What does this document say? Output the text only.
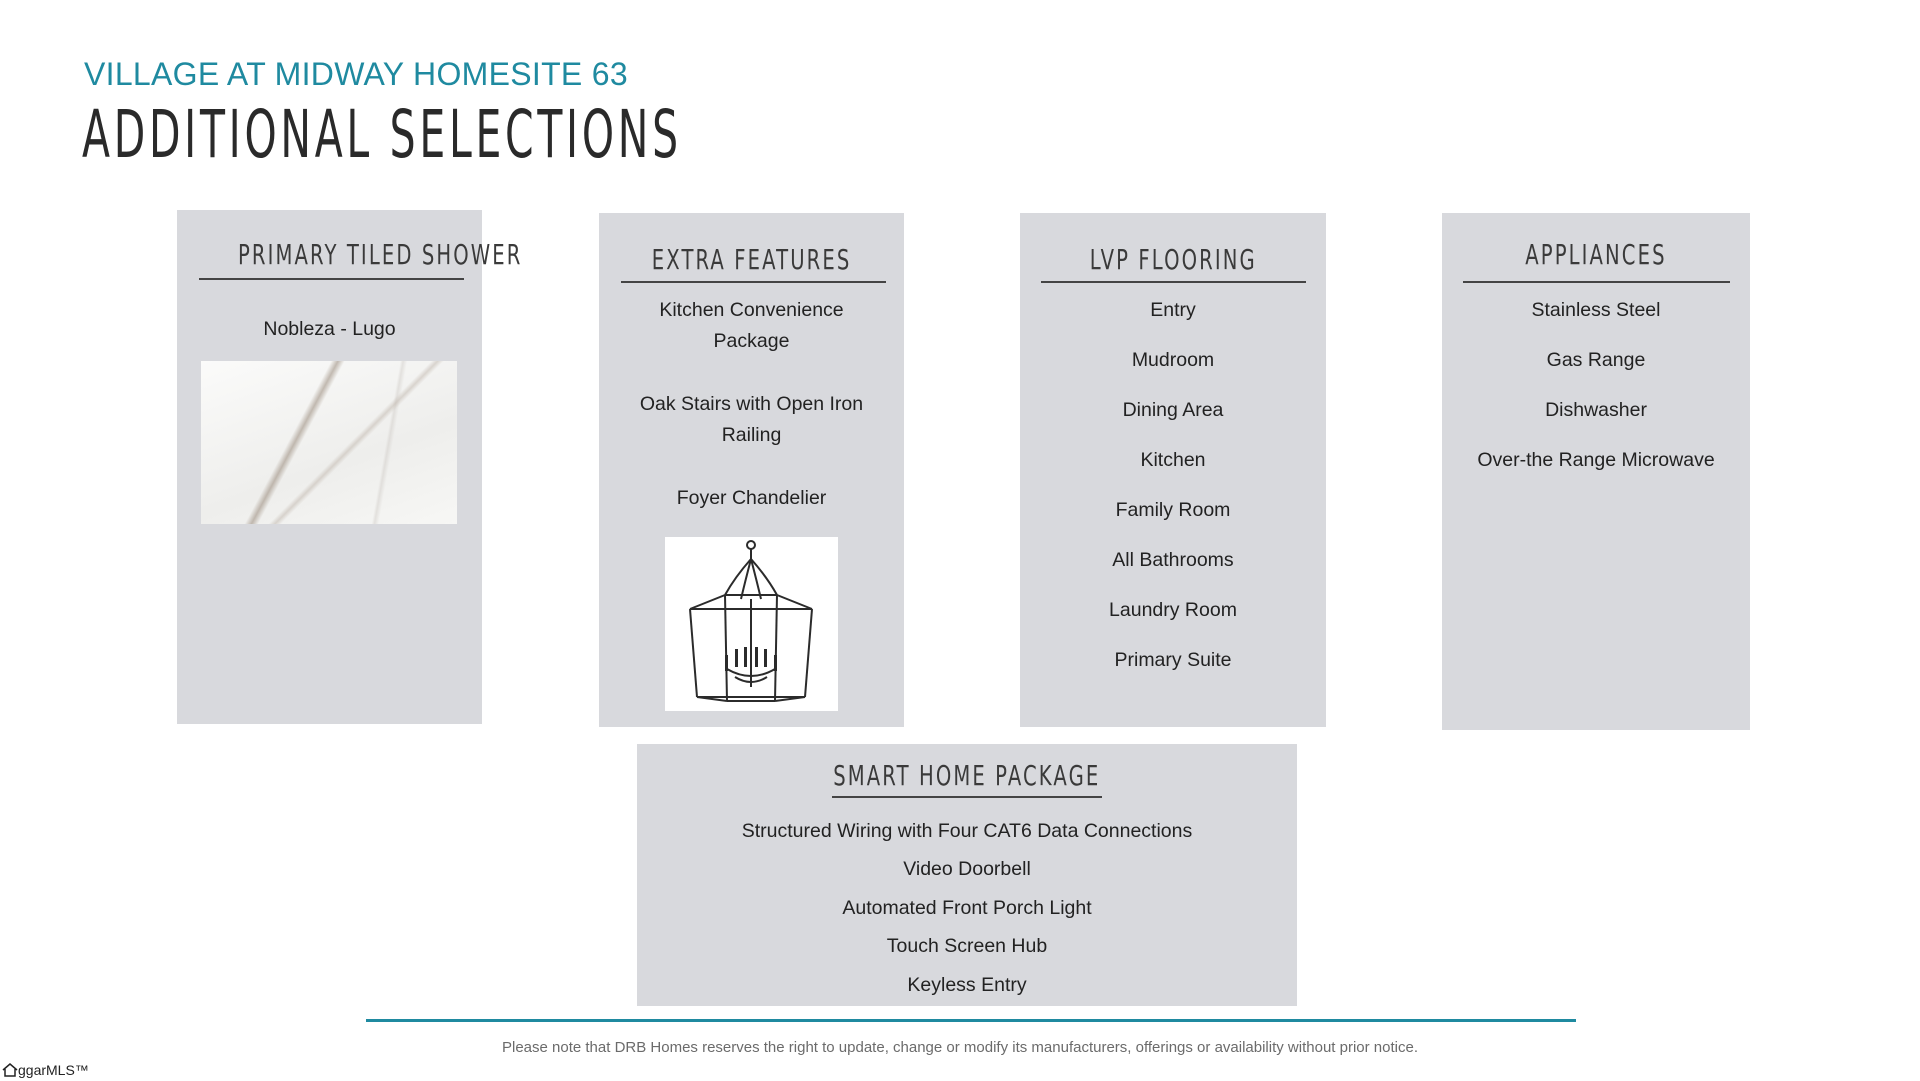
VILLAGE AT MIDWAY HOMESITE 63
ADDITIONAL SELECTIONS
PRIMARY TILED SHOWER
Nobleza - Lugo
EXTRA FEATURES
Kitchen Convenience
Package
Oak Stairs with Open Iron
Railing
Foyer Chandelier
LVP FLOORING
Entry
Mudroom
Dining Area
Kitchen
Family Room
All Bathrooms
Laundry Room
Primary Suite
APPLIANCES
Stainless Steel
Gas Range
Dishwasher
Over-the Range Microwave
SMART HOME PACKAGE
Structured Wiring with Four CAT6 Data Connections
Video Doorbell
Automated Front Porch Light
Touch Screen Hub
Keyless Entry
Please note that DRB Homes reserves the right to update, change or modify its manufacturers, offerings or availability without prior notice.
ggarMLS™
